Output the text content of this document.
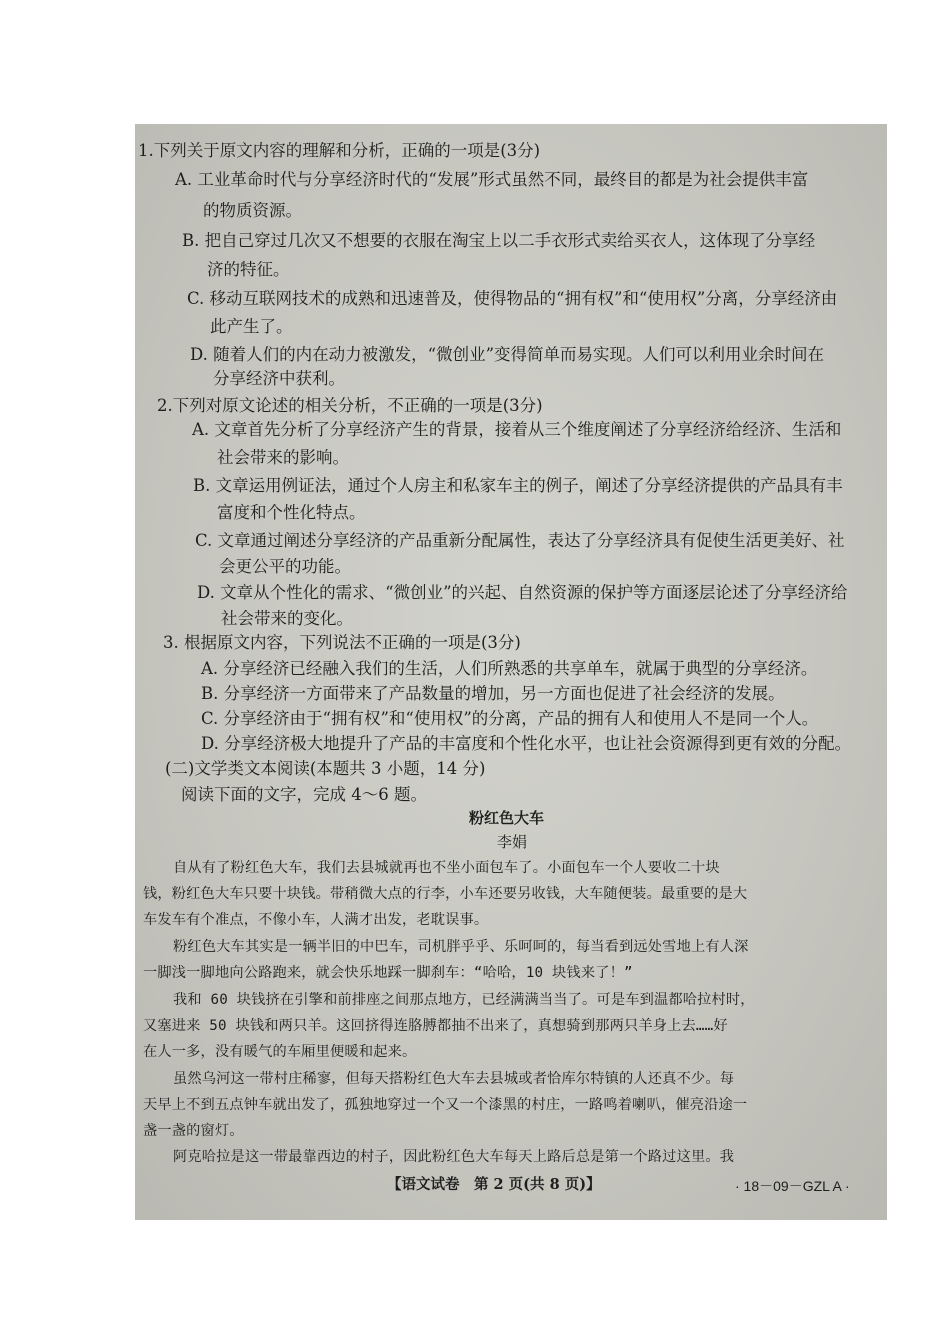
1.下列关于原文内容的理解和分析，正确的一项是(3分)
A. 工业革命时代与分享经济时代的“发展”形式虽然不同，最终目的都是为社会提供丰富
的物质资源。
B. 把自己穿过几次又不想要的衣服在淘宝上以二手衣形式卖给买衣人，这体现了分享经
济的特征。
C. 移动互联网技术的成熟和迅速普及，使得物品的“拥有权”和“使用权”分离，分享经济由
此产生了。
D. 随着人们的内在动力被激发，“微创业”变得简单而易实现。人们可以利用业余时间在
分享经济中获利。
2.下列对原文论述的相关分析，不正确的一项是(3分)
A. 文章首先分析了分享经济产生的背景，接着从三个维度阐述了分享经济给经济、生活和
社会带来的影响。
B. 文章运用例证法，通过个人房主和私家车主的例子，阐述了分享经济提供的产品具有丰
富度和个性化特点。
C. 文章通过阐述分享经济的产品重新分配属性，表达了分享经济具有促使生活更美好、社
会更公平的功能。
D. 文章从个性化的需求、“微创业”的兴起、自然资源的保护等方面逐层论述了分享经济给
社会带来的变化。
3. 根据原文内容，下列说法不正确的一项是(3分)
A. 分享经济已经融入我们的生活，人们所熟悉的共享单车，就属于典型的分享经济。
B. 分享经济一方面带来了产品数量的增加，另一方面也促进了社会经济的发展。
C. 分享经济由于“拥有权”和“使用权”的分离，产品的拥有人和使用人不是同一个人。
D. 分享经济极大地提升了产品的丰富度和个性化水平，也让社会资源得到更有效的分配。
(二)文学类文本阅读(本题共 3 小题，14 分)
阅读下面的文字，完成 4～6 题。
粉红色大车
李娟
自从有了粉红色大车，我们去县城就再也不坐小面包车了。小面包车一个人要收二十块
钱，粉红色大车只要十块钱。带稍微大点的行李，小车还要另收钱，大车随便装。最重要的是大
车发车有个准点，不像小车，人满才出发，老耽误事。
粉红色大车其实是一辆半旧的中巴车，司机胖乎乎、乐呵呵的，每当看到远处雪地上有人深
一脚浅一脚地向公路跑来，就会快乐地踩一脚刹车：“哈哈，10 块钱来了！”
我和 60 块钱挤在引擎和前排座之间那点地方，已经满满当当了。可是车到温都哈拉村时，
又塞进来 50 块钱和两只羊。这回挤得连胳膊都抽不出来了，真想骑到那两只羊身上去……好
在人一多，没有暖气的车厢里便暖和起来。
虽然乌河这一带村庄稀寥，但每天搭粉红色大车去县城或者恰库尔特镇的人还真不少。每
天早上不到五点钟车就出发了，孤独地穿过一个又一个漆黑的村庄，一路鸣着喇叭，催亮沿途一
盏一盏的窗灯。
阿克哈拉是这一带最靠西边的村子，因此粉红色大车每天上路后总是第一个路过这里。我
【语文试卷　第 2 页(共 8 页)】	· 18－09－GZL A ·
